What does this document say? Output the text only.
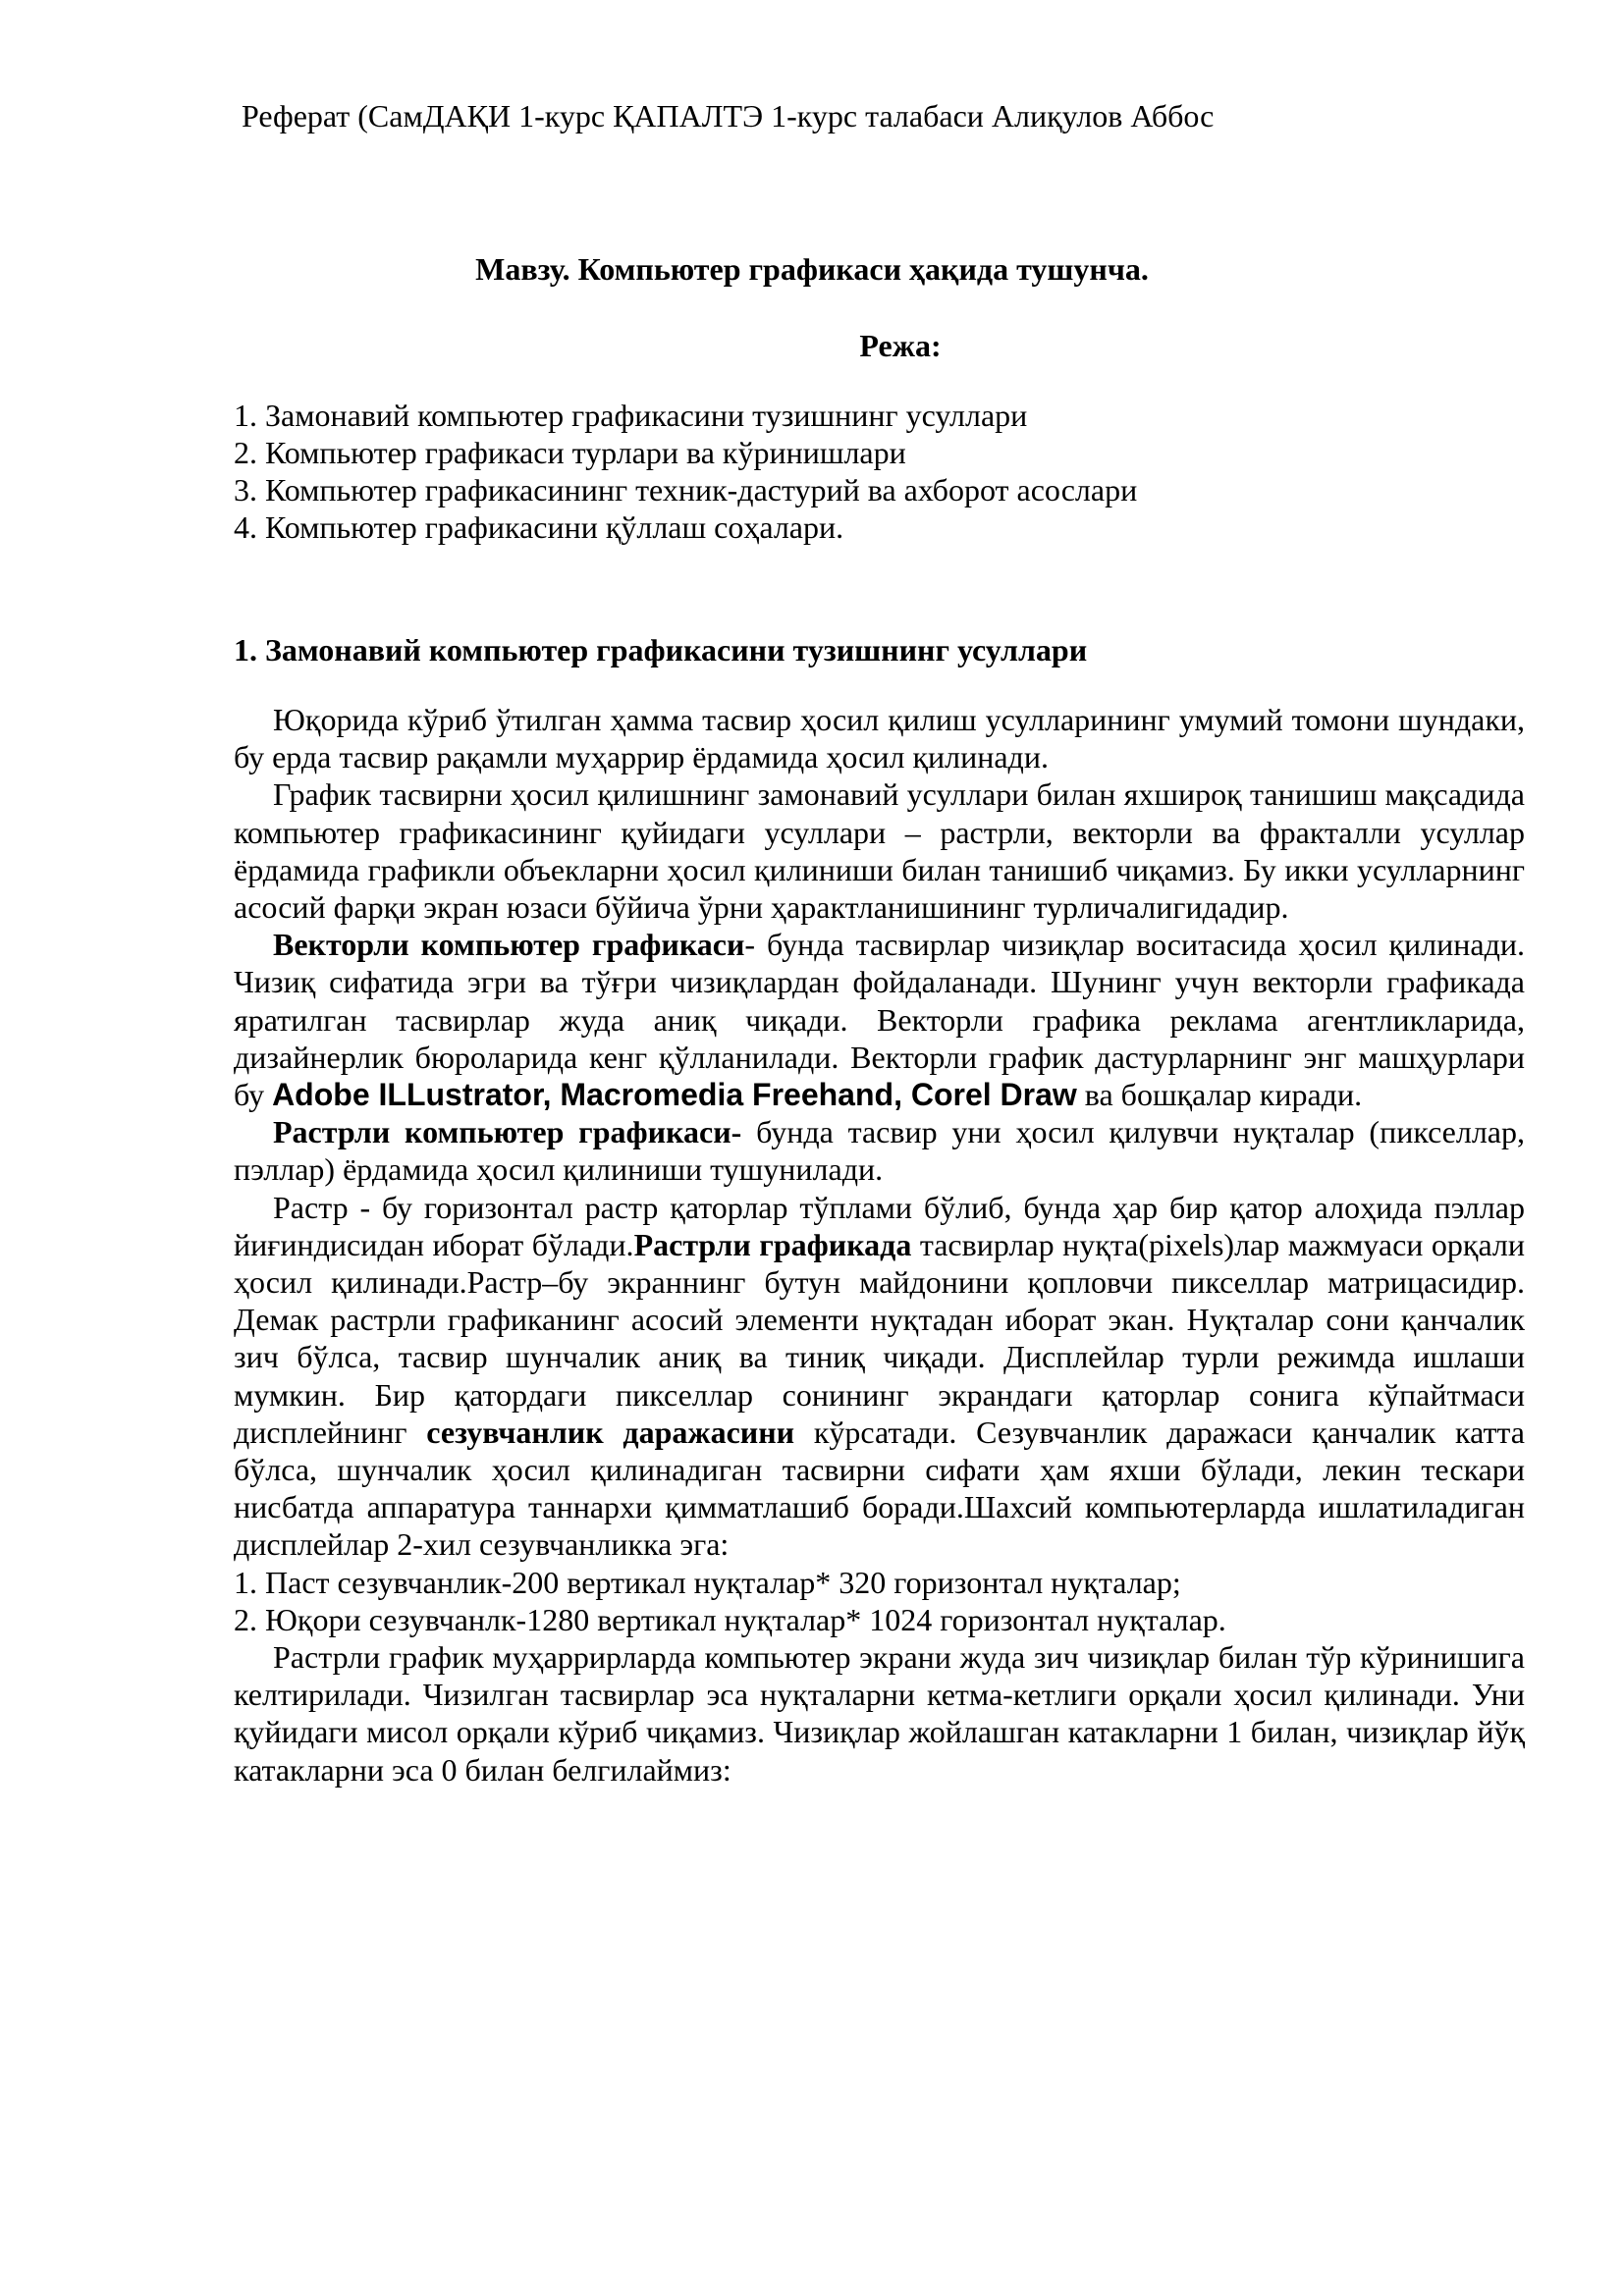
Реферат (СамДАҚИ 1-курс ҚАПАЛТЭ 1-курс талабаси Алиқулов Аббос
Мавзу. Компьютер графикаси ҳақида тушунча.
Режа:
1. Замонавий компьютер графикасини тузишнинг усуллари
2. Компьютер графикаси турлари ва кўринишлари
3. Компьютер графикасининг техник-дастурий ва ахборот асослари
4. Компьютер графикасини қўллаш соҳалари.
1. Замонавий компьютер графикасини тузишнинг усуллари

Юқорида кўриб ўтилган ҳамма тасвир ҳосил қилиш усулларининг умумий томони шундаки, бу ерда тасвир рақамли муҳаррир ёрдамида ҳосил қилинади.

График тасвирни ҳосил қилишнинг замонавий усуллари билан яхшироқ танишиш мақсадида компьютер графикасининг қуйидаги усуллари – растрли, векторли ва фракталли усуллар ёрдамида графикли объекларни ҳосил қилиниши билан танишиб чиқамиз. Бу икки усулларнинг асосий фарқи экран юзаси бўйича ўрни ҳарактланишининг турличалигидадир.

Векторли компьютер графикаси- бунда тасвирлар чизиқлар воситасида ҳосил қилинади. Чизиқ сифатида эгри ва тўғри чизиқлардан фойдаланади. Шунинг учун векторли графикада яратилган тасвирлар жуда аниқ чиқади. Векторли графика реклама агентликларида, дизайнерлик бюроларида кенг қўлланилади. Векторли график дастурларнинг энг машҳурлари бу Adobe ILLustrator, Macromedia Freehand, Corel Draw ва бошқалар киради.

Растрли компьютер графикаси- бунда тасвир уни ҳосил қилувчи нуқталар (пикселлар, пэллар) ёрдамида ҳосил қилиниши тушунилади.

Растр - бу горизонтал растр қаторлар тўплами бўлиб, бунда ҳар бир қатор алоҳида пэллар йиғиндисидан иборат бўлади.Растрли графикада тасвирлар нуқта(pixels)лар мажмуаси орқали ҳосил қилинади.Растр–бу экраннинг бутун майдонини қопловчи пикселлар матрицасидир. Демак растрли графиканинг асосий элементи нуқтадан иборат экан. Нуқталар сони қанчалик зич бўлса, тасвир шунчалик аниқ ва тиниқ чиқади. Дисплейлар турли режимда ишлаши мумкин. Бир қатордаги пикселлар сонининг экрандаги қаторлар сонига кўпайтмаси дисплейнинг сезувчанлик даражасини кўрсатади. Сезувчанлик даражаси қанчалик катта бўлса, шунчалик ҳосил қилинадиган тасвирни сифати ҳам яхши бўлади, лекин тескари нисбатда аппаратура таннархи қимматлашиб боради.Шахсий компьютерларда ишлатиладиган дисплейлар 2-хил сезувчанликка эга:

1. Паст сезувчанлик-200 вертикал нуқталар* 320 горизонтал нуқталар;

2. Юқори сезувчанлк-1280 вертикал нуқталар* 1024 горизонтал нуқталар.

Растрли график муҳаррирларда компьютер экрани жуда зич чизиқлар билан тўр кўринишига келтирилади. Чизилган тасвирлар эса нуқталарни кетма-кетлиги орқали ҳосил қилинади. Уни қуйидаги мисол орқали кўриб чиқамиз. Чизиқлар жойлашган катакларни 1 билан, чизиқлар йўқ катакларни эса 0 билан белгилаймиз:
